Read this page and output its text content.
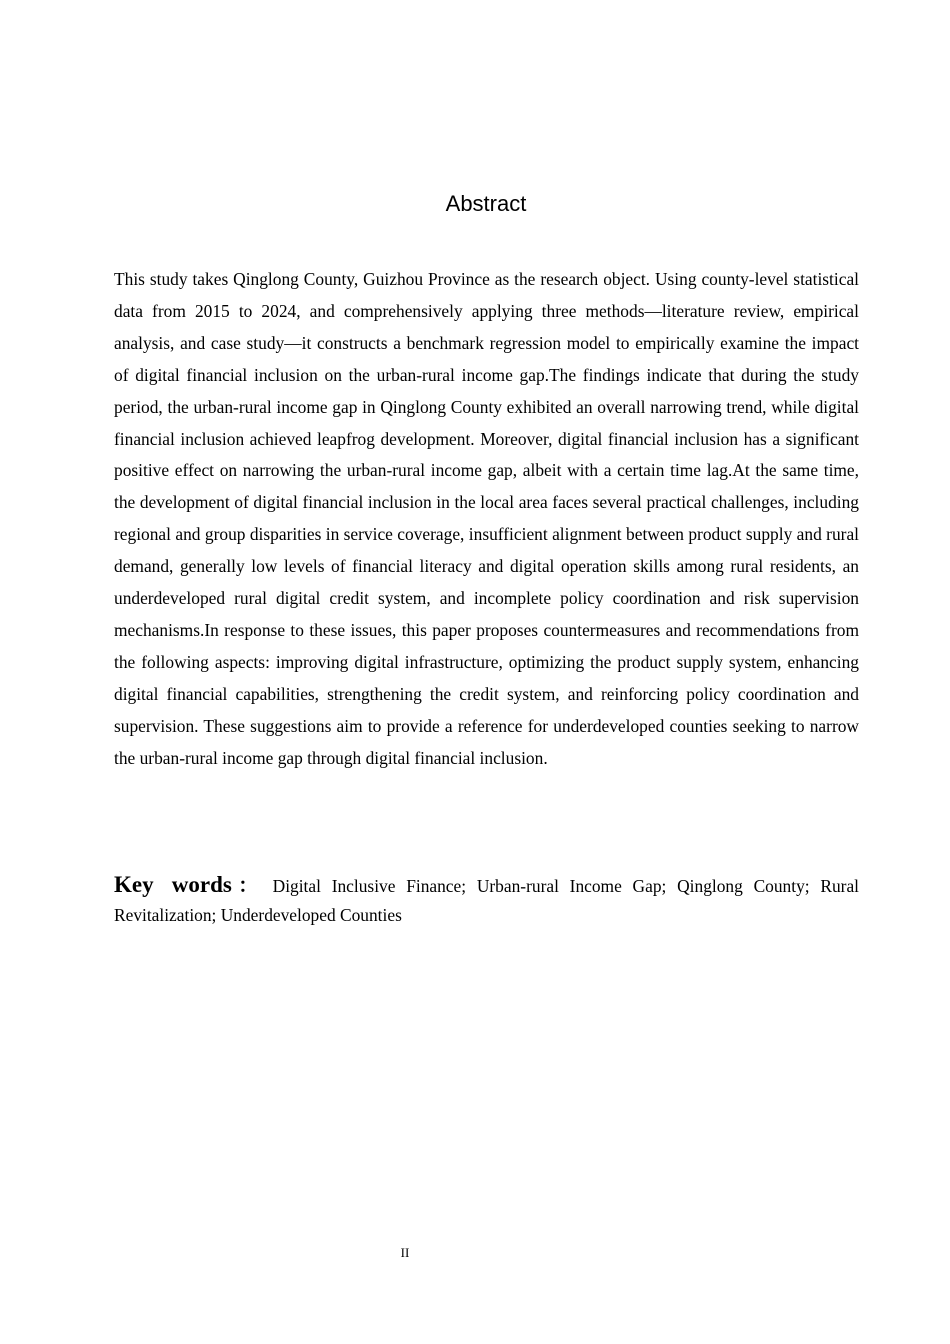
Abstract

This study takes Qinglong County, Guizhou Province as the research object. Using county-level statistical data from 2015 to 2024, and comprehensively applying three methods—literature review, empirical analysis, and case study—it constructs a benchmark regression model to empirically examine the impact of digital financial inclusion on the urban-rural income gap.The findings indicate that during the study period, the urban-rural income gap in Qinglong County exhibited an overall narrowing trend, while digital financial inclusion achieved leapfrog development. Moreover, digital financial inclusion has a significant positive effect on narrowing the urban-rural income gap, albeit with a certain time lag.At the same time, the development of digital financial inclusion in the local area faces several practical challenges, including regional and group disparities in service coverage, insufficient alignment between product supply and rural demand, generally low levels of financial literacy and digital operation skills among rural residents, an underdeveloped rural digital credit system, and incomplete policy coordination and risk supervision mechanisms.In response to these issues, this paper proposes countermeasures and recommendations from the following aspects: improving digital infrastructure, optimizing the product supply system, enhancing digital financial capabilities, strengthening the credit system, and reinforcing policy coordination and supervision. These suggestions aim to provide a reference for underdeveloped counties seeking to narrow the urban-rural income gap through digital financial inclusion.

Key words： Digital Inclusive Finance; Urban-rural Income Gap; Qinglong County; Rural Revitalization; Underdeveloped Counties

II
